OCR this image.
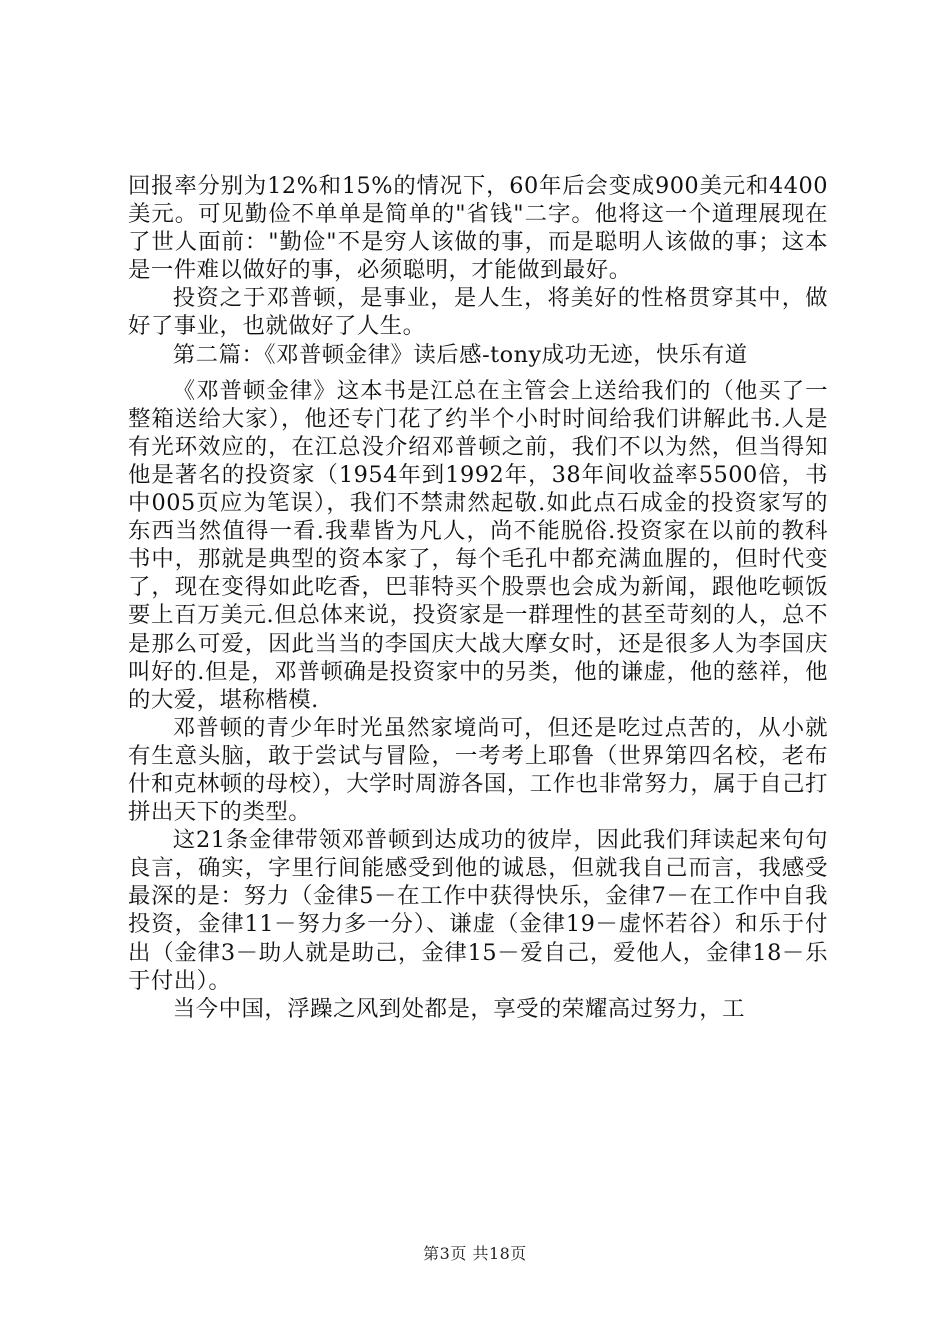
回报率分别为12%和15%的情况下，60年后会变成900美元和4400美元。可见勤俭不单单是简单的"省钱"二字。他将这一个道理展现在了世人面前："勤俭"不是穷人该做的事，而是聪明人该做的事；这本是一件难以做好的事，必须聪明，才能做到最好。

投资之于邓普顿，是事业，是人生，将美好的性格贯穿其中，做好了事业，也就做好了人生。

第二篇：《邓普顿金律》读后感-tony成功无迹，快乐有道

《邓普顿金律》这本书是江总在主管会上送给我们的（他买了一整箱送给大家），他还专门花了约半个小时时间给我们讲解此书.人是有光环效应的，在江总没介绍邓普顿之前，我们不以为然，但当得知他是著名的投资家（1954年到1992年，38年间收益率5500倍，书中005页应为笔误），我们不禁肃然起敬.如此点石成金的投资家写的东西当然值得一看.我辈皆为凡人，尚不能脱俗.投资家在以前的教科书中，那就是典型的资本家了，每个毛孔中都充满血腥的，但时代变了，现在变得如此吃香，巴菲特买个股票也会成为新闻，跟他吃顿饭要上百万美元.但总体来说，投资家是一群理性的甚至苛刻的人，总不是那么可爱，因此当当的李国庆大战大摩女时，还是很多人为李国庆叫好的.但是，邓普顿确是投资家中的另类，他的谦虚，他的慈祥，他的大爱，堪称楷模.

邓普顿的青少年时光虽然家境尚可，但还是吃过点苦的，从小就有生意头脑，敢于尝试与冒险，一考考上耶鲁（世界第四名校，老布什和克林顿的母校），大学时周游各国，工作也非常努力，属于自己打拼出天下的类型。

这21条金律带领邓普顿到达成功的彼岸，因此我们拜读起来句句良言，确实，字里行间能感受到他的诚恳，但就我自己而言，我感受最深的是：努力（金律5－在工作中获得快乐，金律7－在工作中自我投资，金律11－努力多一分）、谦虚（金律19－虚怀若谷）和乐于付出（金律3－助人就是助己，金律15－爱自己，爱他人，金律18－乐于付出）。

当今中国，浮躁之风到处都是，享受的荣耀高过努力，工

第3页 共18页
